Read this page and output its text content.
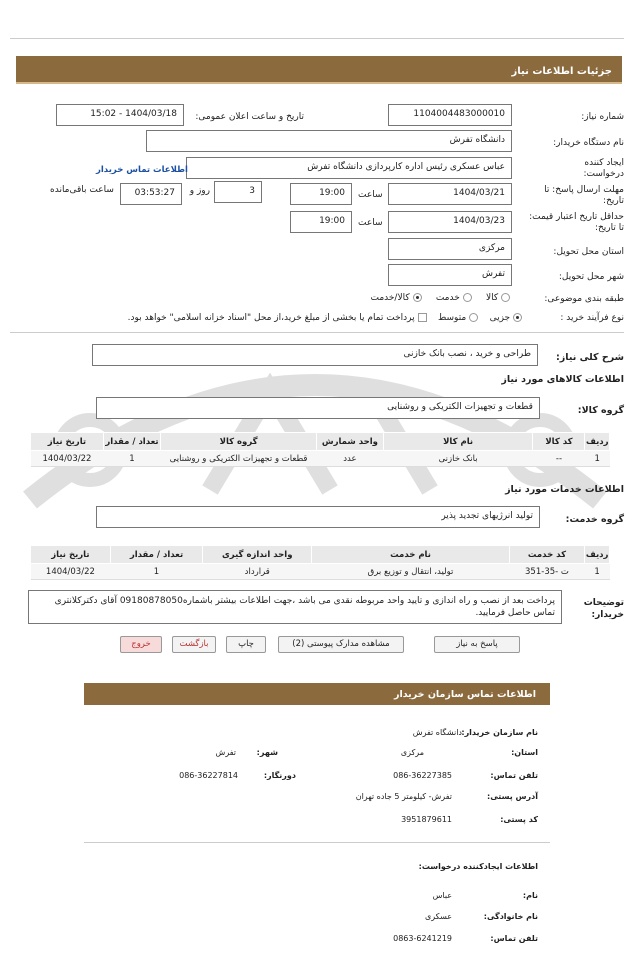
جزئیات اطلاعات نیاز
شماره نیاز:
1104004483000010
تاریخ و ساعت اعلان عمومی:
1404/03/18 - 15:02
نام دستگاه خریدار:
دانشگاه تفرش
ایجاد کننده درخواست:
عباس عسکری رئیس اداره کارپردازی دانشگاه تفرش
اطلاعات تماس خریدار
مهلت ارسال پاسخ: تا تاریخ:
1404/03/21
ساعت
19:00
3
روز و
03:53:27
ساعت باقی‌مانده
حداقل تاریخ اعتبار قیمت: تا تاریخ:
1404/03/23
ساعت
19:00
استان محل تحویل:
مرکزی
شهر محل تحویل:
تفرش
طبقه بندی موضوعی:
کالا      خدمت      کالا/خدمت
نوع فرآیند خرید :
جزیی     متوسط     پرداخت تمام یا بخشی از مبلغ خرید،از محل "اسناد خزانه اسلامی" خواهد بود.
شرح کلی نیاز:
طراحی و خرید ، نصب بانک خازنی
اطلاعات کالاهای مورد نیاز
گروه کالا:
قطعات و تجهیزات الکتریکی و روشنایی
ردیف	کد کالا	نام کالا	واحد شمارش	گروه کالا	تعداد / مقدار	تاریخ نیاز
1	--	بانک خازنی	عدد	قطعات و تجهیزات الکتریکی و روشنایی	1	1404/03/22
اطلاعات خدمات مورد نیاز
گروه خدمت:
تولید انرژیهای تجدید پذیر
ردیف	کد خدمت	نام خدمت	واحد اندازه گیری	تعداد / مقدار	تاریخ نیاز
1	ت -35-351	تولید، انتقال و توزیع برق	قرارداد	1	1404/03/22
توضیحات خریدار:
پرداخت بعد از نصب و راه اندازی و تایید واحد مربوطه نقدی می باشد ،جهت اطلاعات بیشتر باشماره09180878050 آقای دکترکلانتری تماس حاصل فرمایید.
پاسخ به نیاز
مشاهده مدارک پیوستی (2)
چاپ
بازگشت
خروج
اطلاعات تماس سازمان خریدار
نام سازمان خریدار:
دانشگاه تفرش
استان:
مرکزی
شهر:
تفرش
تلفن تماس:
086-36227385
دورنگار:
086-36227814
آدرس پستی:
تفرش- کیلومتر 5 جاده تهران
کد پستی:
3951879611
اطلاعات ایجادکننده درخواست:
نام:
عباس
نام خانوادگی:
عسکری
تلفن تماس:
0863-6241219
